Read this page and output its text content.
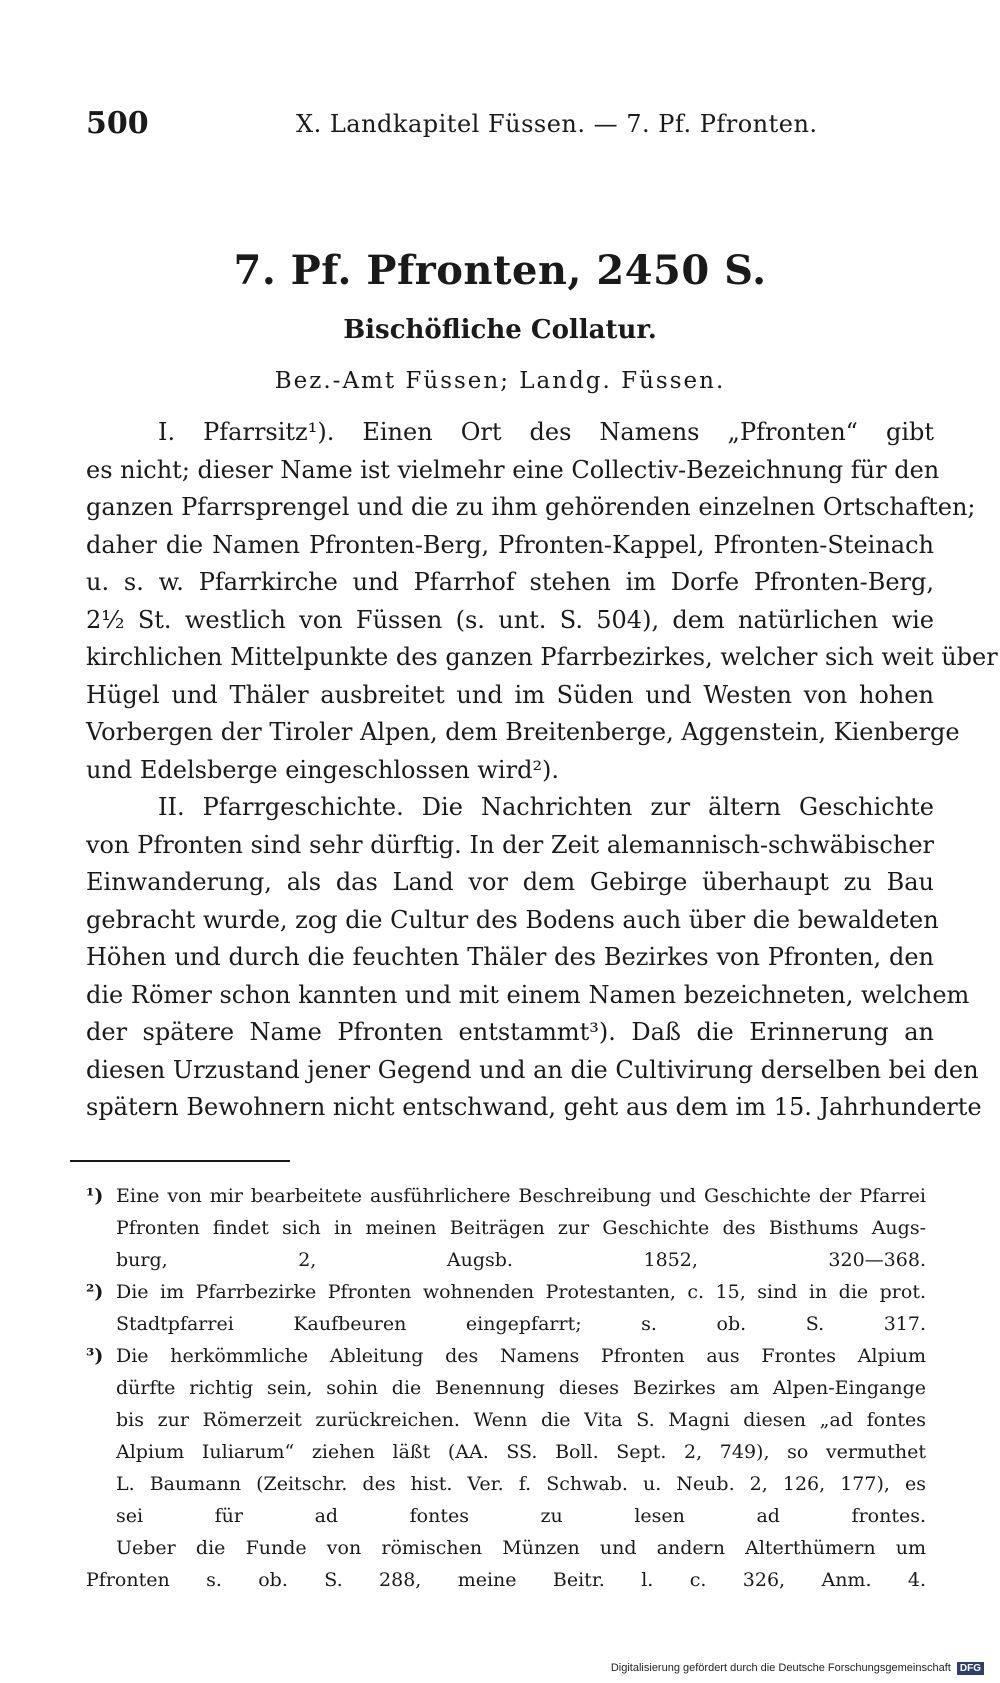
500	X. Landkapitel Füssen. — 7. Pf. Pfronten.
7. Pf. Pfronten, 2450 S.
Bischöfliche Collatur.
Bez.-Amt Füssen; Landg. Füssen.
I. Pfarrsitz¹). Einen Ort des Namens „Pfronten“ gibt
es nicht; dieser Name ist vielmehr eine Collectiv-Bezeichnung für den
ganzen Pfarrsprengel und die zu ihm gehörenden einzelnen Ortschaften;
daher die Namen Pfronten-Berg, Pfronten-Kappel, Pfronten-Steinach
u. s. w. Pfarrkirche und Pfarrhof stehen im Dorfe Pfronten-Berg,
2½ St. westlich von Füssen (s. unt. S. 504), dem natürlichen wie
kirchlichen Mittelpunkte des ganzen Pfarrbezirkes, welcher sich weit über
Hügel und Thäler ausbreitet und im Süden und Westen von hohen
Vorbergen der Tiroler Alpen, dem Breitenberge, Aggenstein, Kienberge
und Edelsberge eingeschlossen wird²).
II. Pfarrgeschichte. Die Nachrichten zur ältern Geschichte
von Pfronten sind sehr dürftig. In der Zeit alemannisch-schwäbischer
Einwanderung, als das Land vor dem Gebirge überhaupt zu Bau
gebracht wurde, zog die Cultur des Bodens auch über die bewaldeten
Höhen und durch die feuchten Thäler des Bezirkes von Pfronten, den
die Römer schon kannten und mit einem Namen bezeichneten, welchem
der spätere Name Pfronten entstammt³). Daß die Erinnerung an
diesen Urzustand jener Gegend und an die Cultivirung derselben bei den
spätern Bewohnern nicht entschwand, geht aus dem im 15. Jahrhunderte
¹) Eine von mir bearbeitete ausführlichere Beschreibung und Geschichte der Pfarrei
Pfronten findet sich in meinen Beiträgen zur Geschichte des Bisthums Augs-
burg, 2, Augsb. 1852, 320—368.
²) Die im Pfarrbezirke Pfronten wohnenden Protestanten, c. 15, sind in die prot.
Stadtpfarrei Kaufbeuren eingepfarrt; s. ob. S. 317.
³) Die herkömmliche Ableitung des Namens Pfronten aus Frontes Alpium
dürfte richtig sein, sohin die Benennung dieses Bezirkes am Alpen-Eingange
bis zur Römerzeit zurückreichen. Wenn die Vita S. Magni diesen „ad fontes
Alpium Iuliarum“ ziehen läßt (AA. SS. Boll. Sept. 2, 749), so vermuthet
L. Baumann (Zeitschr. des hist. Ver. f. Schwab. u. Neub. 2, 126, 177), es
sei für ad fontes zu lesen ad frontes.
Ueber die Funde von römischen Münzen und andern Alterthümern um
Pfronten s. ob. S. 288, meine Beitr. l. c. 326, Anm. 4.
Digitalisierung gefördert durch die Deutsche Forschungsgemeinschaft DFG
